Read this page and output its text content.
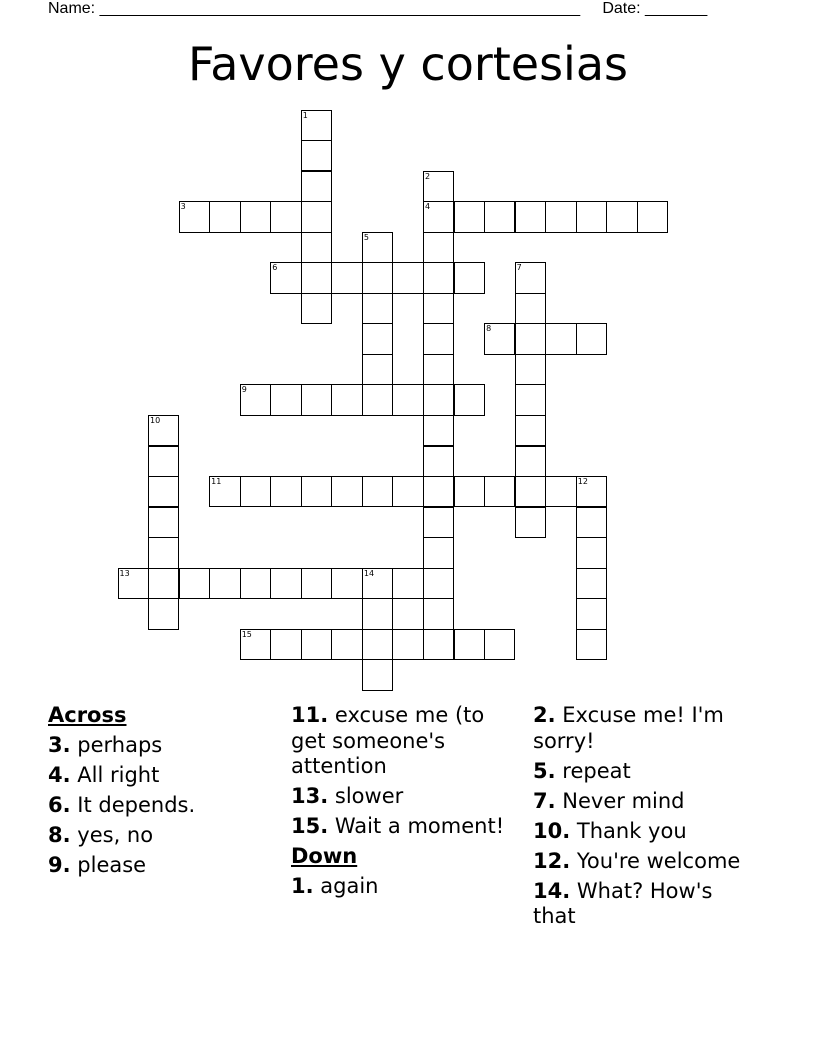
Name: ______________________________________________________ Date: _______
Favores y cortesias
1
2
4
3
5
6	7
8
9
10
11	12
13	14
15
Across
3. perhaps
4. All right
6. It depends.
8. yes, no
9. please
11. excuse me (to get someone's attention
13. slower
15. Wait a moment!
Down
1. again
2. Excuse me! I'm sorry!
5. repeat
7. Never mind
10. Thank you
12. You're welcome
14. What? How's that
